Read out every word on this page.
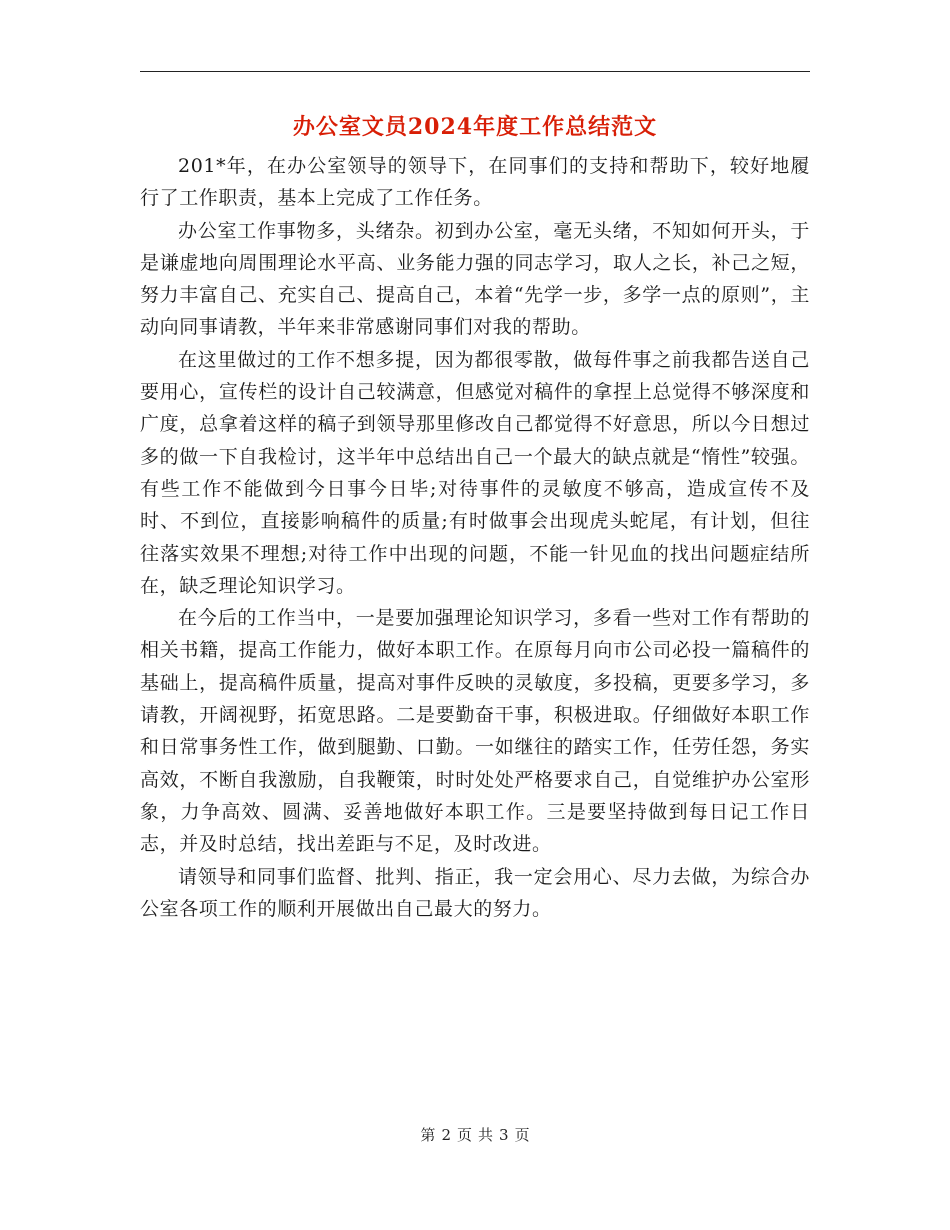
办公室文员2024年度工作总结范文

201*年，在办公室领导的领导下，在同事们的支持和帮助下，较好地履行了工作职责，基本上完成了工作任务。

办公室工作事物多，头绪杂。初到办公室，毫无头绪，不知如何开头，于是谦虚地向周围理论水平高、业务能力强的同志学习，取人之长，补己之短，努力丰富自己、充实自己、提高自己，本着“先学一步，多学一点的原则”，主动向同事请教，半年来非常感谢同事们对我的帮助。

在这里做过的工作不想多提，因为都很零散，做每件事之前我都告送自己要用心，宣传栏的设计自己较满意，但感觉对稿件的拿捏上总觉得不够深度和广度，总拿着这样的稿子到领导那里修改自己都觉得不好意思，所以今日想过多的做一下自我检讨，这半年中总结出自己一个最大的缺点就是“惰性”较强。有些工作不能做到今日事今日毕;对待事件的灵敏度不够高，造成宣传不及时、不到位，直接影响稿件的质量;有时做事会出现虎头蛇尾，有计划，但往往落实效果不理想;对待工作中出现的问题，不能一针见血的找出问题症结所在，缺乏理论知识学习。

在今后的工作当中，一是要加强理论知识学习，多看一些对工作有帮助的相关书籍，提高工作能力，做好本职工作。在原每月向市公司必投一篇稿件的基础上，提高稿件质量，提高对事件反映的灵敏度，多投稿，更要多学习，多请教，开阔视野，拓宽思路。二是要勤奋干事，积极进取。仔细做好本职工作和日常事务性工作，做到腿勤、口勤。一如继往的踏实工作，任劳任怨，务实高效，不断自我激励，自我鞭策，时时处处严格要求自己，自觉维护办公室形象，力争高效、圆满、妥善地做好本职工作。三是要坚持做到每日记工作日志，并及时总结，找出差距与不足，及时改进。

请领导和同事们监督、批判、指正，我一定会用心、尽力去做，为综合办公室各项工作的顺利开展做出自己最大的努力。

第 2 页 共 3 页
